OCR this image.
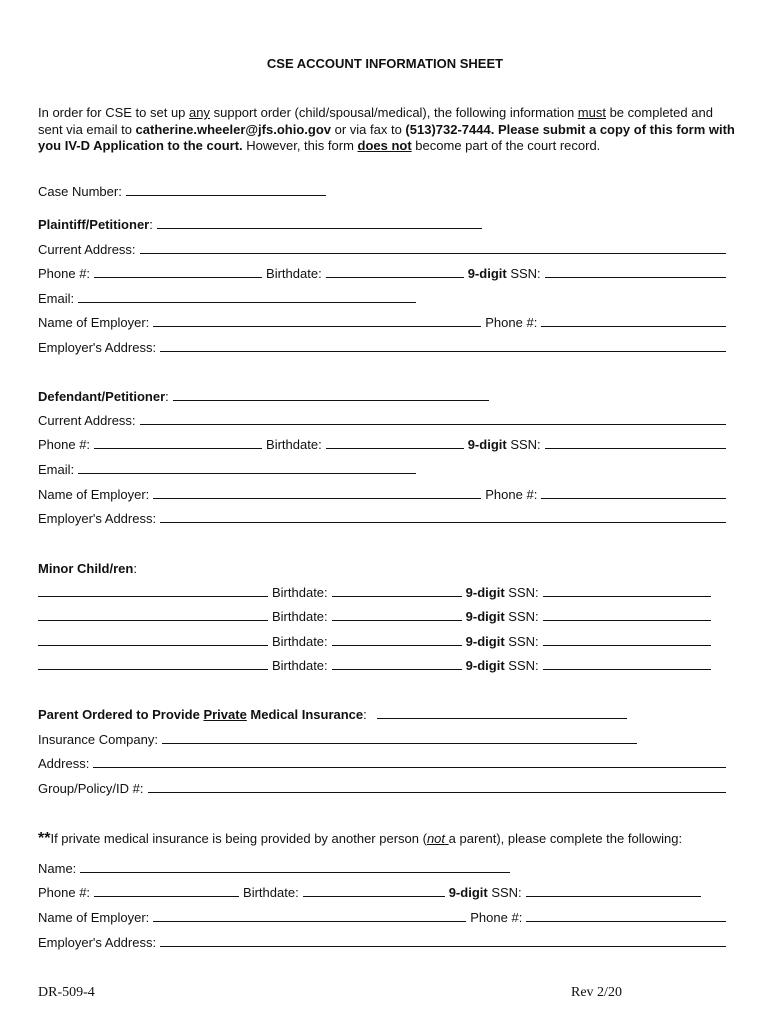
CSE ACCOUNT INFORMATION SHEET
In order for CSE to set up any support order (child/spousal/medical), the following information must be completed and sent via email to catherine.wheeler@jfs.ohio.gov or via fax to (513)732-7444. Please submit a copy of this form with you IV-D Application to the court. However, this form does not become part of the court record.
Case Number:
Plaintiff/Petitioner:
Current Address:
Phone #:	Birthdate:	9-digit SSN:
Email:
Name of Employer:	Phone #:
Employer's Address:
Defendant/Petitioner:
Current Address:
Phone #:	Birthdate:	9-digit SSN:
Email:
Name of Employer:	Phone #:
Employer's Address:
Minor Child/ren:
Birthdate:	9-digit SSN:
Birthdate:	9-digit SSN:
Birthdate:	9-digit SSN:
Birthdate:	9-digit SSN:
Parent Ordered to Provide Private Medical Insurance:
Insurance Company:
Address:
Group/Policy/ID #:
**If private medical insurance is being provided by another person (not a parent), please complete the following:
Name:
Phone #:	Birthdate:	9-digit SSN:
Name of Employer:	Phone #:
Employer's Address:
DR-509-4	Rev 2/20
